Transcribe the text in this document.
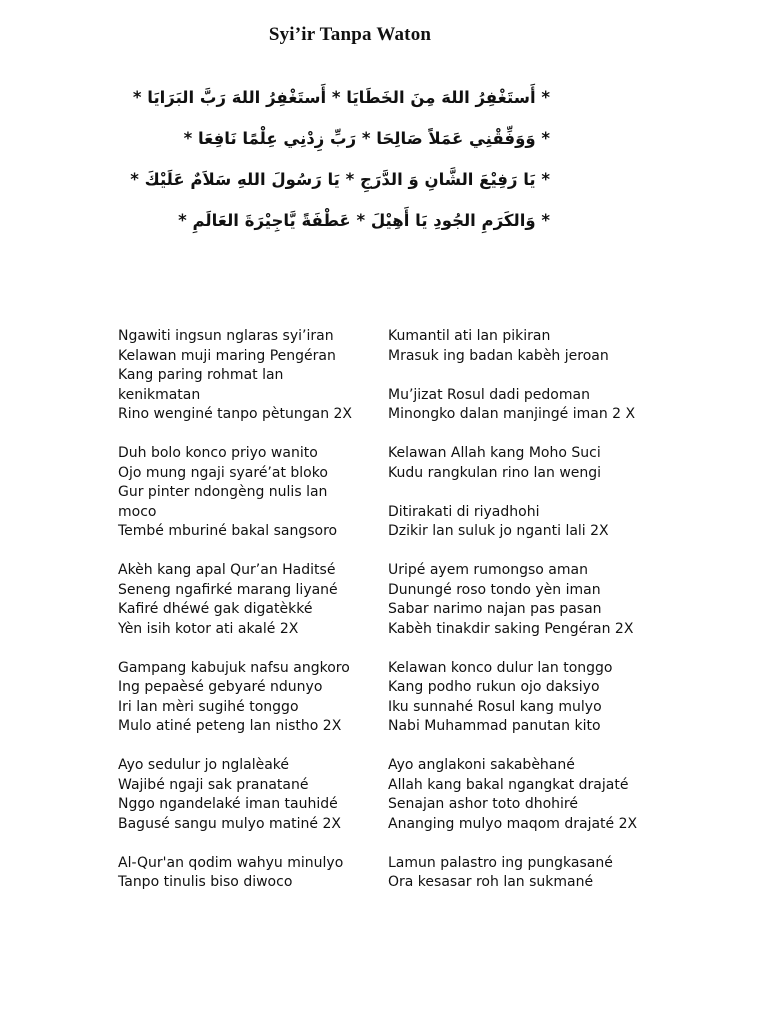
Syi’ir Tanpa Waton
* أَستَغْفِرُ اللهَ مِنَ الخَطَايَا * أَستَغْفِرُ اللهَ رَبَّ البَرَايَا *
* وَوَفِّقْنِي عَمَلاً صَالِحَا * رَبِّ زِدْنِي عِلْمًا نَافِعَا *
* يَا رَفِيْعَ الشَّانِ وَ الدَّرَجِ * يَا رَسُولَ اللهِ سَلاَمٌ عَلَيْكَ *
* وَالكَرَمِ الجُودِ يَا أَهِيْلَ * عَطْفَةً يَّاجِيْرَةَ العَالَمِ *
Ngawiti ingsun nglaras syi’iran
Kelawan muji maring Pengéran
Kang paring rohmat lan kenikmatan
Rino wenginé tanpo pètungan 2X
Duh bolo konco priyo wanito
Ojo mung ngaji syaré’at bloko
Gur pinter ndongèng nulis lan moco
Tembé mburiné bakal sangsoro
Akèh kang apal Qur’an Haditsé
Seneng ngafirké marang liyané
Kafiré dhéwé gak digatèkké
Yèn isih kotor ati akalé 2X
Gampang kabujuk nafsu angkoro
Ing pepaèsé gebyaré ndunyo
Iri lan mèri sugihé tonggo
Mulo atiné peteng lan nistho 2X
Ayo sedulur jo nglalèaké
Wajibé ngaji sak pranatané
Nggo ngandelaké iman tauhidé
Bagusé sangu mulyo matiné 2X
Al-Qur'an qodim wahyu minulyo
Tanpo tinulis biso diwoco
Kumantil ati lan pikiran
Mrasuk ing badan kabèh jeroan
Mu’jizat Rosul dadi pedoman
Minongko dalan manjingé iman 2 X
Kelawan Allah kang Moho Suci
Kudu rangkulan rino lan wengi
Ditirakati di riyadhohi
Dzikir lan suluk jo nganti lali 2X
Uripé ayem rumongso aman
Dunungé roso tondo yèn iman
Sabar narimo najan pas pasan
Kabèh tinakdir saking Pengéran 2X
Kelawan konco dulur lan tonggo
Kang podho rukun ojo daksiyo
Iku sunnahé Rosul kang mulyo
Nabi Muhammad panutan kito
Ayo anglakoni sakabèhané
Allah kang bakal ngangkat drajaté
Senajan ashor toto dhohiré
Ananging mulyo maqom drajaté 2X
Lamun palastro ing pungkasané
Ora kesasar roh lan sukmané
